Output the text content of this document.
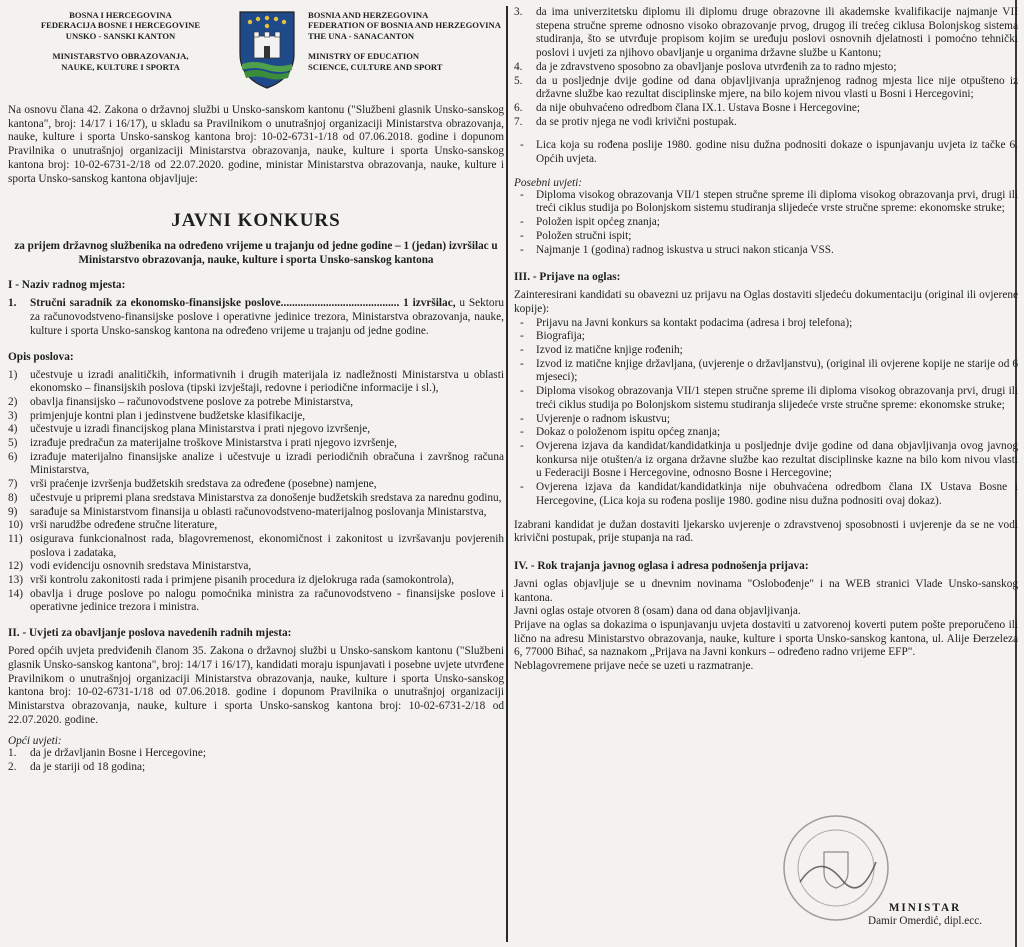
BOSNA I HERCEGOVINA
FEDERACIJA BOSNE I HERCEGOVINE
UNSKO - SANSKI KANTON
MINISTARSTVO OBRAZOVANJA,
NAUKE, KULTURE I SPORTA
BOSNIA AND HERZEGOVINA
FEDERATION OF BOSNIA AND HERZEGOVINA
THE UNA - SANACANTON
MINISTRY OF EDUCATION
SCIENCE, CULTURE AND SPORT

Na osnovu člana 42. Zakona o državnoj službi u Unsko-sanskom kantonu ("Službeni glasnik Unsko-sanskog kantona", broj: 14/17 i 16/17), u skladu sa Pravilnikom o unutrašnjoj organizaciji Ministarstva obrazovanja, nauke, kulture i sporta Unsko-sanskog kantona broj: 10-02-6731-1/18 od 07.06.2018. godine i dopunom Pravilnika o unutrašnjoj organizaciji Ministarstva obrazovanja, nauke, kulture i sporta Unsko-sanskog kantona broj: 10-02-6731-2/18 od 22.07.2020. godine, ministar Ministarstva obrazovanja, nauke, kulture i sporta Unsko-sanskog kantona objavljuje:

JAVNI KONKURS
za prijem državnog službenika na određeno vrijeme u trajanju od jedne godine – 1 (jedan) izvršilac u Ministarstvo obrazovanja, nauke, kulture i sporta Unsko-sanskog kantona
I - Naziv radnog mjesta:
1. Stručni saradnik za ekonomsko-finansijske poslove.......................................... 1 izvršilac, u Sektoru za računovodstveno-finansijske poslove i operativne jedinice trezora, Ministarstva obrazovanja, nauke, kulture i sporta Unsko-sanskog kantona na određeno vrijeme u trajanju od jedne godine.
Opis poslova:
1) učestvuje u izradi analitičkih, informativnih i drugih materijala iz nadležnosti Ministarstva u oblasti ekonomsko – finansijskih poslova (tipski izvještaji, redovne i periodične informacije i sl.),
2) obavlja finansijsko – računovodstvene poslove za potrebe Ministarstva,
3) primjenjuje kontni plan i jedinstvene budžetske klasifikacije,
4) učestvuje u izradi financijskog plana Ministarstva i prati njegovo izvršenje,
5) izrađuje predračun za materijalne troškove Ministarstva i prati njegovo izvršenje,
6) izrađuje materijalno finansijske analize i učestvuje u izradi periodičnih obračuna i završnog računa Ministarstva,
7) vrši praćenje izvršenja budžetskih sredstava za određene (posebne) namjene,
8) učestvuje u pripremi plana sredstava Ministarstva za donošenje budžetskih sredstava za narednu godinu,
9) sarađuje sa Ministarstvom finansija u oblasti računovodstveno-materijalnog poslovanja Ministarstva,
10) vrši narudžbe određene stručne literature,
11) osigurava funkcionalnost rada, blagovremenost, ekonomičnost i zakonitost u izvršavanju povjerenih poslova i zadataka,
12) vodi evidenciju osnovnih sredstava Ministarstva,
13) vrši kontrolu zakonitosti rada i primjene pisanih procedura iz djelokruga rada (samokontrola),
14) obavlja i druge poslove po nalogu pomoćnika ministra za računovodstveno - finansijske poslove i operativne jedinice trezora i ministra.
II. - Uvjeti za obavljanje poslova navedenih radnih mjesta:

Pored općih uvjeta predviđenih članom 35. Zakona o državnoj službi u Unsko-sanskom kantonu ("Službeni glasnik Unsko-sanskog kantona", broj: 14/17 i 16/17), kandidati moraju ispunjavati i posebne uvjete utvrđene Pravilnikom o unutrašnjoj organizaciji Ministarstva obrazovanja, nauke, kulture i sporta Unsko-sanskog kantona broj: 10-02-6731-1/18 od 07.06.2018. godine i dopunom Pravilnika o unutrašnjoj organizaciji Ministarstva obrazovanja, nauke, kulture i sporta Unsko-sanskog kantona broj: 10-02-6731-2/18 od 22.07.2020. godine.

Opći uvjeti:
1. da je državljanin Bosne i Hercegovine;
2. da je stariji od 18 godina;
3. da ima univerzitetsku diplomu ili diplomu druge obrazovne ili akademske kvalifikacije najmanje VII stepena stručne spreme odnosno visoko obrazovanje prvog, drugog ili trećeg ciklusa Bolonjskog sistema studiranja, što se utvrđuje propisom kojim se uređuju poslovi osnovnih djelatnosti i pomoćno tehnički poslovi i uvjeti za njihovo obavljanje u organima državne službe u Kantonu;
4. da je zdravstveno sposobno za obavljanje poslova utvrđenih za to radno mjesto;
5. da u posljednje dvije godine od dana objavljivanja upražnjenog radnog mjesta lice nije otpušteno iz državne službe kao rezultat disciplinske mjere, na bilo kojem nivou vlasti u Bosni i Hercegovini;
6. da nije obuhvaćeno odredbom člana IX.1. Ustava Bosne i Hercegovine;
7. da se protiv njega ne vodi krivični postupak.
- Lica koja su rođena poslije 1980. godine nisu dužna podnositi dokaze o ispunjavanju uvjeta iz tačke 6. Općih uvjeta.
Posebni uvjeti:
- Diploma visokog obrazovanja VII/1 stepen stručne spreme ili diploma visokog obrazovanja prvi, drugi ili treći ciklus studija po Bolonjskom sistemu studiranja slijedeće vrste stručne spreme: ekonomske struke;
- Položen ispit općeg znanja;
- Položen stručni ispit;
- Najmanje 1 (godina) radnog iskustva u struci nakon sticanja VSS.
III. - Prijave na oglas:

Zainteresirani kandidati su obavezni uz prijavu na Oglas dostaviti sljedeću dokumentaciju (original ili ovjerene kopije):

- Prijavu na Javni konkurs sa kontakt podacima (adresa i broj telefona);
- Biografija;
- Izvod iz matične knjige rođenih;
- Izvod iz matične knjige državljana, (uvjerenje o državljanstvu), (original ili ovjerene kopije ne starije od 6 mjeseci);
- Diploma visokog obrazovanja VII/1 stepen stručne spreme ili diploma visokog obrazovanja prvi, drugi ili treći ciklus studija po Bolonjskom sistemu studiranja slijedeće vrste stručne spreme: ekonomske struke;
- Uvjerenje o radnom iskustvu;
- Dokaz o položenom ispitu općeg znanja;
- Ovjerena izjava da kandidat/kandidatkinja u posljednje dvije godine od dana objavljivanja ovog javnog konkursa nije otušten/a iz organa državne službe kao rezultat disciplinske kazne na bilo kom nivou vlasti u Federaciji Bosne i Hercegovine, odnosno Bosne i Hercegovine;
- Ovjerena izjava da kandidat/kandidatkinja nije obuhvaćena odredbom člana IX Ustava Bosne i Hercegovine, (Lica koja su rođena poslije 1980. godine nisu dužna podnositi ovaj dokaz).

Izabrani kandidat je dužan dostaviti ljekarsko uvjerenje o zdravstvenoj sposobnosti i uvjerenje da se ne vodi krivični postupak, prije stupanja na rad.

IV. - Rok trajanja javnog oglasa i adresa podnošenja prijava:

Javni oglas objavljuje se u dnevnim novinama "Oslobođenje" i na WEB stranici Vlade Unsko-sanskog kantona.

Javni oglas ostaje otvoren 8 (osam) dana od dana objavljivanja.

Prijave na oglas sa dokazima o ispunjavanju uvjeta dostaviti u zatvorenoj koverti putem pošte preporučeno ili lično na adresu Ministarstvo obrazovanja, nauke, kulture i sporta Unsko-sanskog kantona, ul. Alije Đerzeleza 6, 77000 Bihać, sa naznakom „Prijava na Javni konkurs – određeno radno vrijeme EFP".

Neblagovremene prijave neće se uzeti u razmatranje.

MINISTAR
Damir Omerdić, dipl.ecc.
